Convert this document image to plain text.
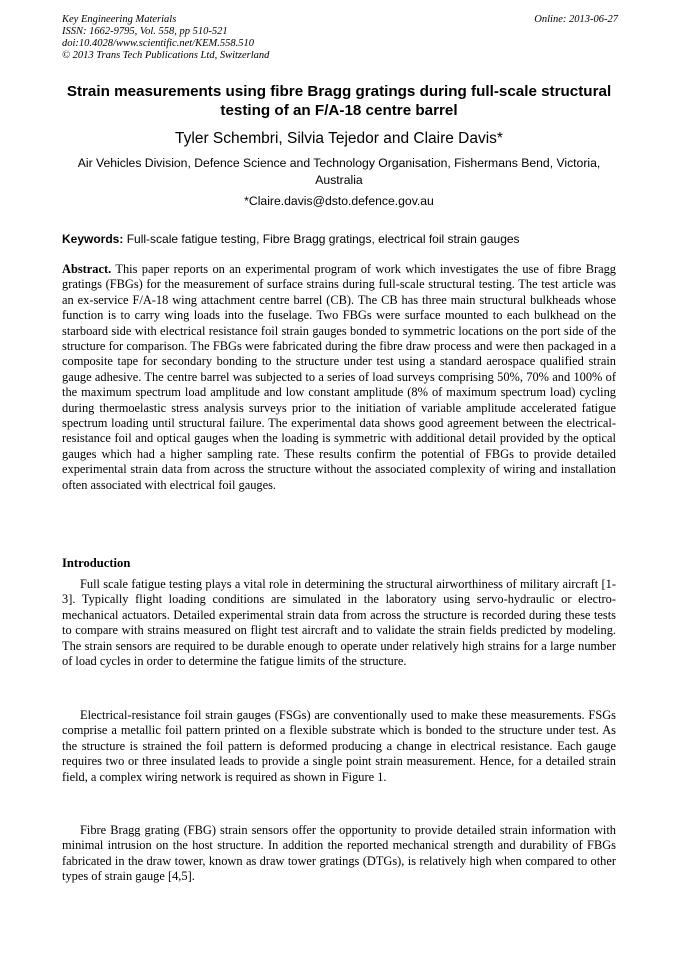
Key Engineering Materials
ISSN: 1662-9795, Vol. 558, pp 510-521
doi:10.4028/www.scientific.net/KEM.558.510
© 2013 Trans Tech Publications Ltd, Switzerland
Online: 2013-06-27
Strain measurements using fibre Bragg gratings during full-scale structural testing of an F/A-18 centre barrel
Tyler Schembri, Silvia Tejedor and Claire Davis*
Air Vehicles Division, Defence Science and Technology Organisation, Fishermans Bend, Victoria, Australia
*Claire.davis@dsto.defence.gov.au
Keywords: Full-scale fatigue testing, Fibre Bragg gratings, electrical foil strain gauges
Abstract. This paper reports on an experimental program of work which investigates the use of fibre Bragg gratings (FBGs) for the measurement of surface strains during full-scale structural testing. The test article was an ex-service F/A-18 wing attachment centre barrel (CB). The CB has three main structural bulkheads whose function is to carry wing loads into the fuselage. Two FBGs were surface mounted to each bulkhead on the starboard side with electrical resistance foil strain gauges bonded to symmetric locations on the port side of the structure for comparison. The FBGs were fabricated during the fibre draw process and were then packaged in a composite tape for secondary bonding to the structure under test using a standard aerospace qualified strain gauge adhesive. The centre barrel was subjected to a series of load surveys comprising 50%, 70% and 100% of the maximum spectrum load amplitude and low constant amplitude (8% of maximum spectrum load) cycling during thermoelastic stress analysis surveys prior to the initiation of variable amplitude accelerated fatigue spectrum loading until structural failure. The experimental data shows good agreement between the electrical-resistance foil and optical gauges when the loading is symmetric with additional detail provided by the optical gauges which had a higher sampling rate. These results confirm the potential of FBGs to provide detailed experimental strain data from across the structure without the associated complexity of wiring and installation often associated with electrical foil gauges.
Introduction
Full scale fatigue testing plays a vital role in determining the structural airworthiness of military aircraft [1-3]. Typically flight loading conditions are simulated in the laboratory using servo-hydraulic or electro-mechanical actuators. Detailed experimental strain data from across the structure is recorded during these tests to compare with strains measured on flight test aircraft and to validate the strain fields predicted by modeling. The strain sensors are required to be durable enough to operate under relatively high strains for a large number of load cycles in order to determine the fatigue limits of the structure.
Electrical-resistance foil strain gauges (FSGs) are conventionally used to make these measurements. FSGs comprise a metallic foil pattern printed on a flexible substrate which is bonded to the structure under test. As the structure is strained the foil pattern is deformed producing a change in electrical resistance. Each gauge requires two or three insulated leads to provide a single point strain measurement. Hence, for a detailed strain field, a complex wiring network is required as shown in Figure 1.
Fibre Bragg grating (FBG) strain sensors offer the opportunity to provide detailed strain information with minimal intrusion on the host structure. In addition the reported mechanical strength and durability of FBGs fabricated in the draw tower, known as draw tower gratings (DTGs), is relatively high when compared to other types of strain gauge [4,5].
